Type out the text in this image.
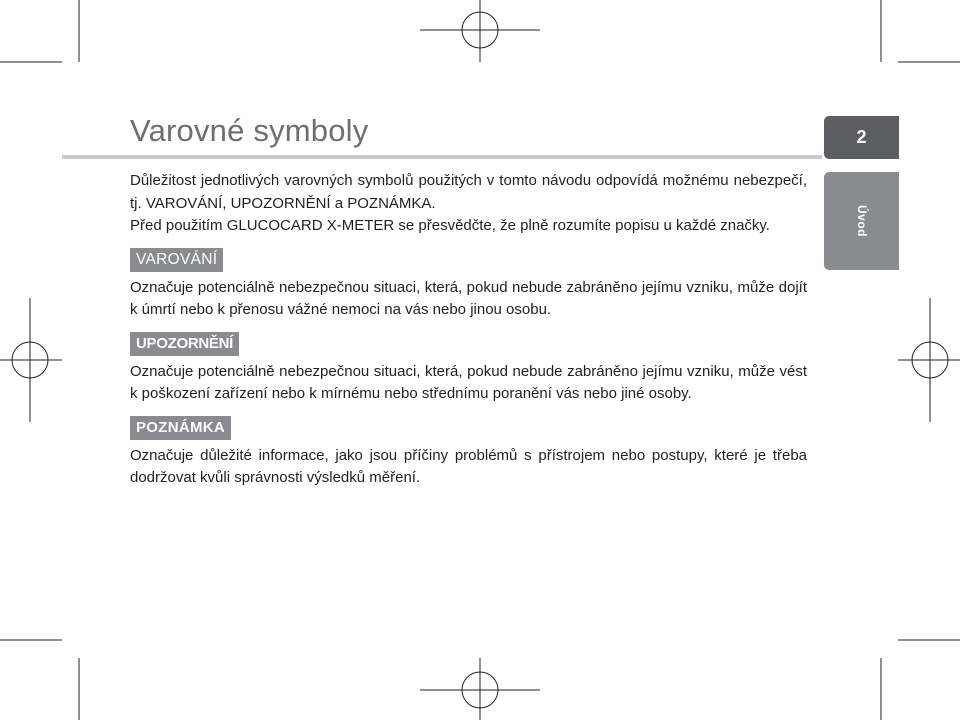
Varovné symboly	2
Úvod

Důležitost jednotlivých varovných symbolů použitých v tomto návodu odpovídá možnému nebezpečí, tj. VAROVÁNÍ, UPOZORNĚNÍ a POZNÁMKA.

Před použitím GLUCOCARD X-METER se přesvědčte, že plně rozumíte popisu u každé značky.

VAROVÁNÍ

Označuje potenciálně nebezpečnou situaci, která, pokud nebude zabráněno jejímu vzniku, může dojít k úmrtí nebo k přenosu vážné nemoci na vás nebo jinou osobu.

UPOZORNĚNÍ

Označuje potenciálně nebezpečnou situaci, která, pokud nebude zabráněno jejímu vzniku, může vést k poškození zařízení nebo k mírnému nebo střednímu poranění vás nebo jiné osoby.

POZNÁMKA

Označuje důležité informace, jako jsou příčiny problémů s přístrojem nebo postupy, které je třeba dodržovat kvůli správnosti výsledků měření.
